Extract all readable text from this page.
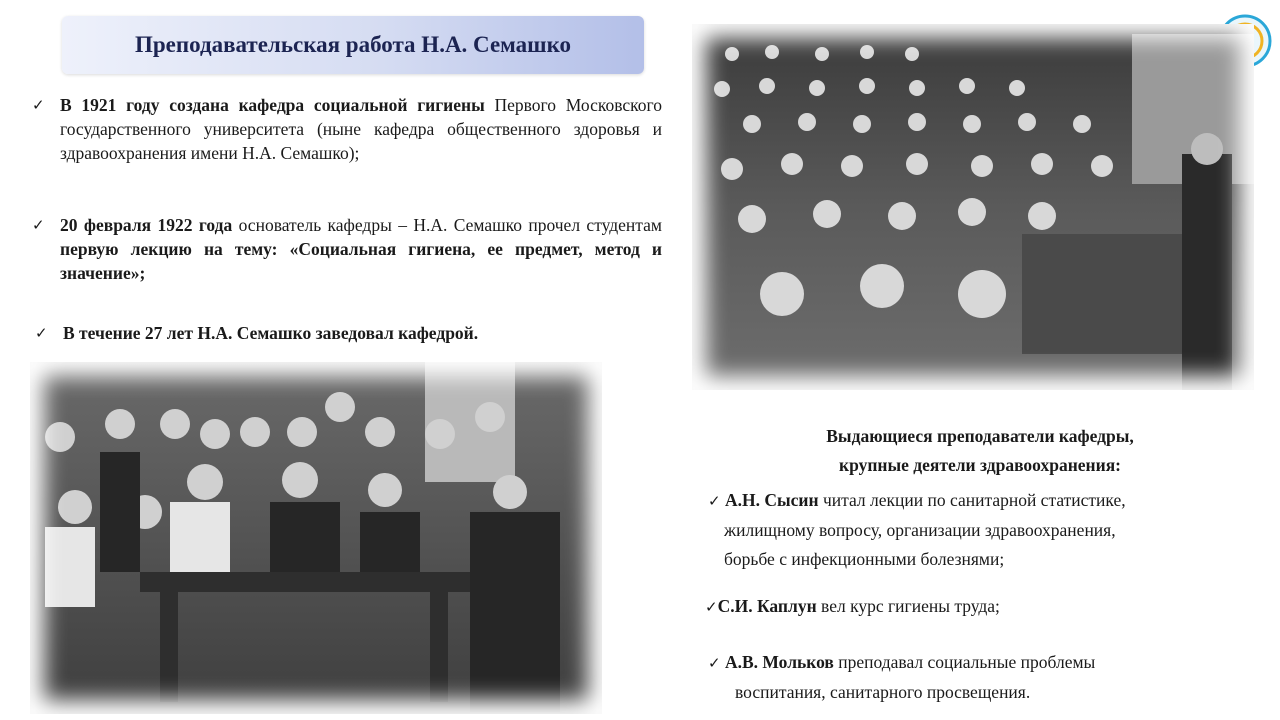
Преподавательская работа Н.А. Семашко
✓ В 1921 году создана кафедра социальной гигиены Первого Московского государственного университета (ныне кафедра общественного здоровья и здравоохранения имени Н.А. Семашко);
✓ 20 февраля 1922 года основатель кафедры – Н.А. Семашко прочел студентам первую лекцию на тему: «Социальная гигиена, ее предмет, метод и значение»;
✓ В течение 27 лет Н.А. Семашко заведовал кафедрой.
Выдающиеся преподаватели кафедры,
крупные деятели здравоохранения:
✓ А.Н. Сысин читал лекции по санитарной статистике,
жилищному вопросу, организации здравоохранения,
борьбе с инфекционными болезнями;
✓С.И. Каплун вел курс гигиены труда;
✓ А.В. Мольков преподавал социальные проблемы
воспитания, санитарного просвещения.
